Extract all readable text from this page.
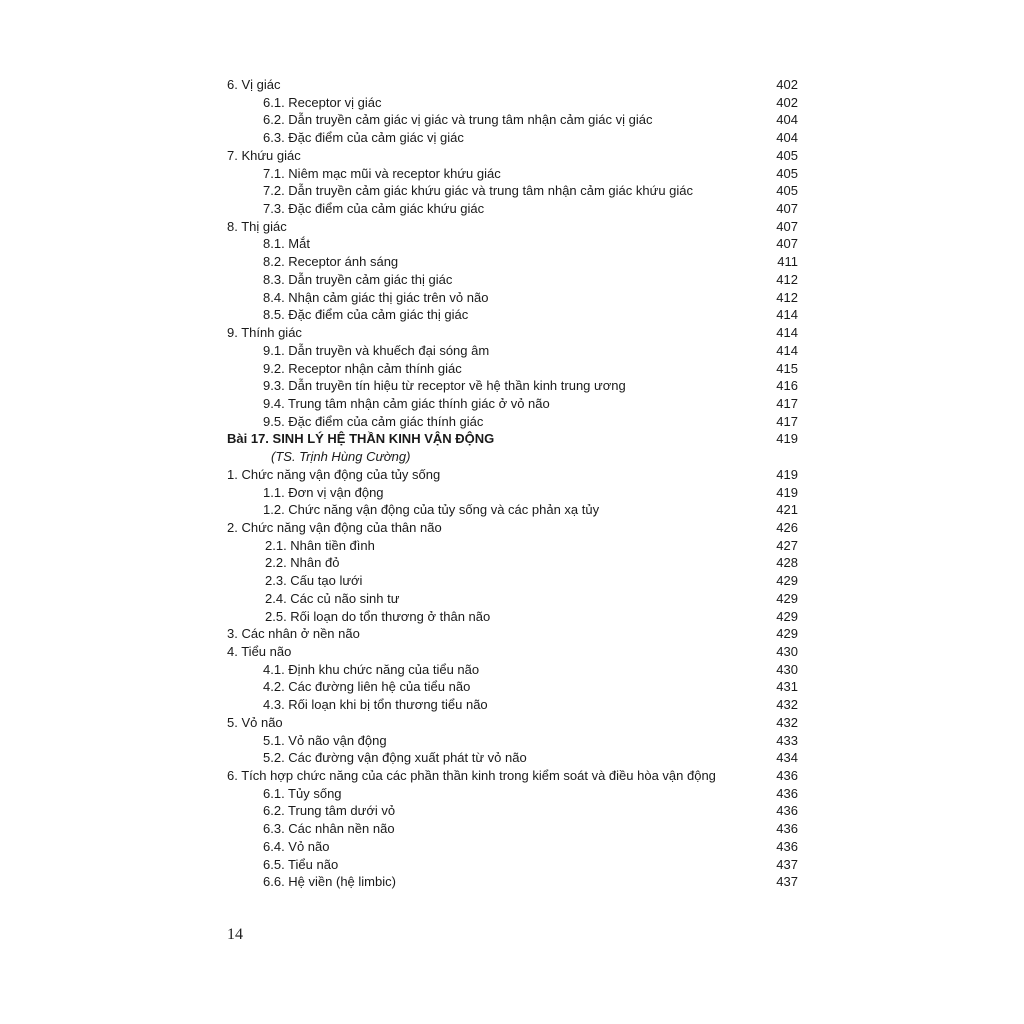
6. Vị giác	402
6.1. Receptor vị giác	402
6.2. Dẫn truyền cảm giác vị giác và trung tâm nhận cảm giác vị giác	404
6.3. Đặc điểm của cảm giác vị giác	404
7. Khứu giác	405
7.1. Niêm mạc mũi và receptor khứu giác	405
7.2. Dẫn truyền cảm giác khứu giác và trung tâm nhận cảm giác khứu giác	405
7.3. Đặc điểm của cảm giác khứu giác	407
8. Thị giác	407
8.1. Mắt	407
8.2. Receptor ánh sáng	411
8.3. Dẫn truyền cảm giác thị giác	412
8.4. Nhận cảm giác thị giác trên vỏ não	412
8.5. Đặc điểm của cảm giác thị giác	414
9. Thính giác	414
9.1. Dẫn truyền và khuếch đại sóng âm	414
9.2. Receptor nhận cảm thính giác	415
9.3. Dẫn truyền tín hiệu từ receptor về hệ thần kinh trung ương	416
9.4. Trung tâm nhận cảm giác thính giác ở vỏ não	417
9.5. Đặc điểm của cảm giác thính giác	417
Bài 17. SINH LÝ HỆ THẦN KINH VẬN ĐỘNG	419
(TS. Trịnh Hùng Cường)
1. Chức năng vận động của tủy sống	419
1.1. Đơn vị vận động	419
1.2. Chức năng vận động của tủy sống và các phản xạ tủy	421
2. Chức năng vận động của thân não	426
2.1. Nhân tiền đình	427
2.2. Nhân đỏ	428
2.3. Cấu tạo lưới	429
2.4. Các củ não sinh tư	429
2.5. Rối loạn do tổn thương ở thân não	429
3. Các nhân ở nền não	429
4. Tiểu não	430
4.1. Định khu chức năng của tiểu não	430
4.2. Các đường liên hệ của tiểu não	431
4.3. Rối loạn khi bị tổn thương tiểu não	432
5. Vỏ não	432
5.1. Vỏ não vận động	433
5.2. Các đường vận động xuất phát từ vỏ não	434
6. Tích hợp chức năng của các phần thần kinh trong kiểm soát và điều hòa vận động	436
6.1. Tủy sống	436
6.2. Trung tâm dưới vỏ	436
6.3. Các nhân nền não	436
6.4. Vỏ não	436
6.5. Tiểu não	437
6.6. Hệ viền (hệ limbic)	437
14
